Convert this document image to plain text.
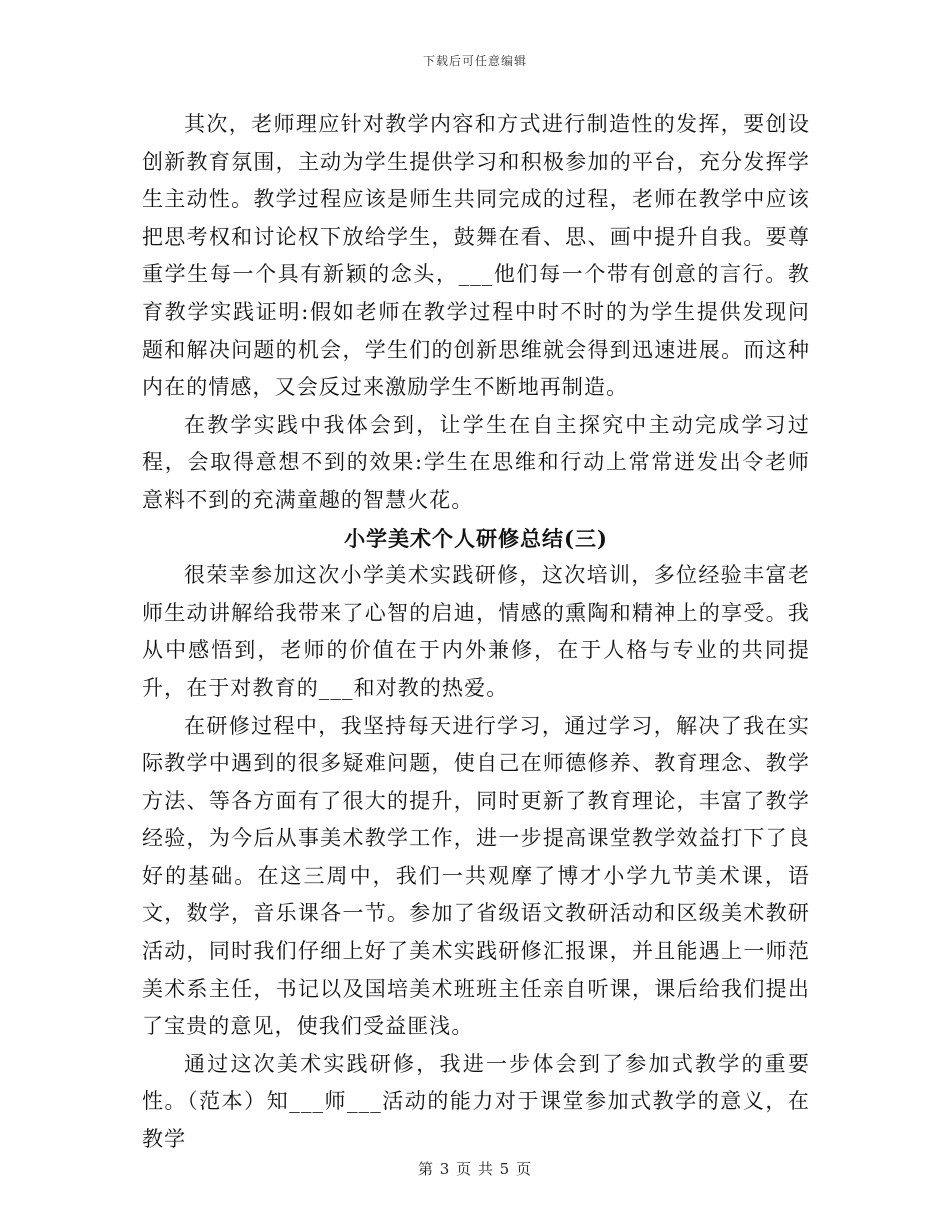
下载后可任意编辑

其次，老师理应针对教学内容和方式进行制造性的发挥，要创设创新教育氛围，主动为学生提供学习和积极参加的平台，充分发挥学生主动性。教学过程应该是师生共同完成的过程，老师在教学中应该把思考权和讨论权下放给学生，鼓舞在看、思、画中提升自我。要尊重学生每一个具有新颖的念头，___他们每一个带有创意的言行。教育教学实践证明:假如老师在教学过程中时不时的为学生提供发现问题和解决问题的机会，学生们的创新思维就会得到迅速进展。而这种内在的情感，又会反过来激励学生不断地再制造。

在教学实践中我体会到，让学生在自主探究中主动完成学习过程，会取得意想不到的效果:学生在思维和行动上常常迸发出令老师意料不到的充满童趣的智慧火花。

小学美术个人研修总结(三)

很荣幸参加这次小学美术实践研修，这次培训，多位经验丰富老师生动讲解给我带来了心智的启迪，情感的熏陶和精神上的享受。我从中感悟到，老师的价值在于内外兼修，在于人格与专业的共同提升，在于对教育的___和对教的热爱。

在研修过程中，我坚持每天进行学习，通过学习，解决了我在实际教学中遇到的很多疑难问题，使自己在师德修养、教育理念、教学方法、等各方面有了很大的提升，同时更新了教育理论，丰富了教学经验，为今后从事美术教学工作，进一步提高课堂教学效益打下了良好的基础。在这三周中，我们一共观摩了博才小学九节美术课，语文，数学，音乐课各一节。参加了省级语文教研活动和区级美术教研活动，同时我们仔细上好了美术实践研修汇报课，并且能遇上一师范美术系主任，书记以及国培美术班班主任亲自听课，课后给我们提出了宝贵的意见，使我们受益匪浅。

通过这次美术实践研修，我进一步体会到了参加式教学的重要性。（范本）知___师___活动的能力对于课堂参加式教学的意义，在教学

第 3 页 共 5 页
